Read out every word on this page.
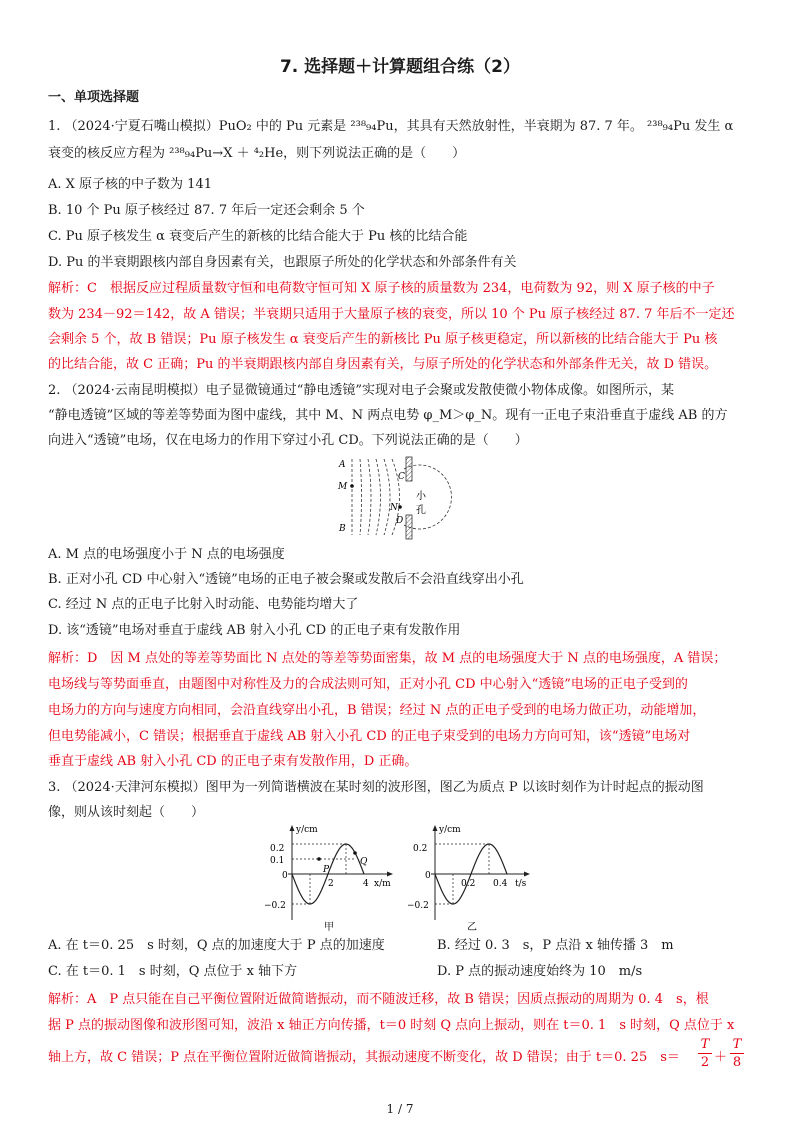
7. 选择题＋计算题组合练（2）
一、单项选择题
1. （2024·宁夏石嘴山模拟）PuO₂ 中的 Pu 元素是 ²³⁸₉₄Pu，其具有天然放射性，半衰期为 87. 7 年。 ²³⁸₉₄Pu 发生 α
衰变的核反应方程为 ²³⁸₉₄Pu→X ＋ ⁴₂He，则下列说法正确的是（　　）
A. X 原子核的中子数为 141
B. 10 个 Pu 原子核经过 87. 7 年后一定还会剩余 5 个
C. Pu 原子核发生 α 衰变后产生的新核的比结合能大于 Pu 核的比结合能
D. Pu 的半衰期跟核内部自身因素有关，也跟原子所处的化学状态和外部条件有关
解析：C　根据反应过程质量数守恒和电荷数守恒可知 X 原子核的质量数为 234，电荷数为 92，则 X 原子核的中子
数为 234－92＝142，故 A 错误；半衰期只适用于大量原子核的衰变，所以 10 个 Pu 原子核经过 87. 7 年后不一定还
会剩余 5 个，故 B 错误；Pu 原子核发生 α 衰变后产生的新核比 Pu 原子核更稳定，所以新核的比结合能大于 Pu 核
的比结合能，故 C 正确；Pu 的半衰期跟核内部自身因素有关，与原子所处的化学状态和外部条件无关，故 D 错误。
2. （2024·云南昆明模拟）电子显微镜通过“静电透镜”实现对电子会聚或发散使微小物体成像。如图所示，某
“静电透镜”区域的等差等势面为图中虚线，其中 M、N 两点电势 φ_M＞φ_N。现有一正电子束沿垂直于虚线 AB 的方
向进入“透镜”电场，仅在电场力的作用下穿过小孔 CD。下列说法正确的是（　　）
A
M
B
C
N
D
小
孔
A. M 点的电场强度小于 N 点的电场强度
B. 正对小孔 CD 中心射入“透镜”电场的正电子被会聚或发散后不会沿直线穿出小孔
C. 经过 N 点的正电子比射入时动能、电势能均增大了
D. 该“透镜”电场对垂直于虚线 AB 射入小孔 CD 的正电子束有发散作用
解析：D　因 M 点处的等差等势面比 N 点处的等差等势面密集，故 M 点的电场强度大于 N 点的电场强度，A 错误；
电场线与等势面垂直，由题图中对称性及力的合成法则可知，正对小孔 CD 中心射入“透镜”电场的正电子受到的
电场力的方向与速度方向相同，会沿直线穿出小孔，B 错误；经过 N 点的正电子受到的电场力做正功，动能增加，
但电势能减小，C 错误；根据垂直于虚线 AB 射入小孔 CD 的正电子束受到的电场力方向可知，该“透镜”电场对
垂直于虚线 AB 射入小孔 CD 的正电子束有发散作用，D 正确。
3. （2024·天津河东模拟）图甲为一列简谐横波在某时刻的波形图，图乙为质点 P 以该时刻作为计时起点的振动图
像，则从该时刻起（　　）
y/cm
x/m
0.2
0.1
0
−0.2
2	4
P
Q
甲
y/cm
t/s
0.2
0
−0.2
0.2 0.4
乙
A. 在 t＝0. 25　s 时刻，Q 点的加速度大于 P 点的加速度	B. 经过 0. 3　s，P 点沿 x 轴传播 3　m
C. 在 t＝0. 1　s 时刻，Q 点位于 x 轴下方	D. P 点的振动速度始终为 10　m/s
解析：A　P 点只能在自己平衡位置附近做简谐振动，而不随波迁移，故 B 错误；因质点振动的周期为 0. 4　s，根
据 P 点的振动图像和波形图可知，波沿 x 轴正方向传播，t＝0 时刻 Q 点向上振动，则在 t＝0. 1　s 时刻，Q 点位于 x
轴上方，故 C 错误；P 点在平衡位置附近做简谐振动，其振动速度不断变化，故 D 错误；由于 t＝0. 25　$s= \frac{T}{2} + \frac{T}{8}$
1 / 7
